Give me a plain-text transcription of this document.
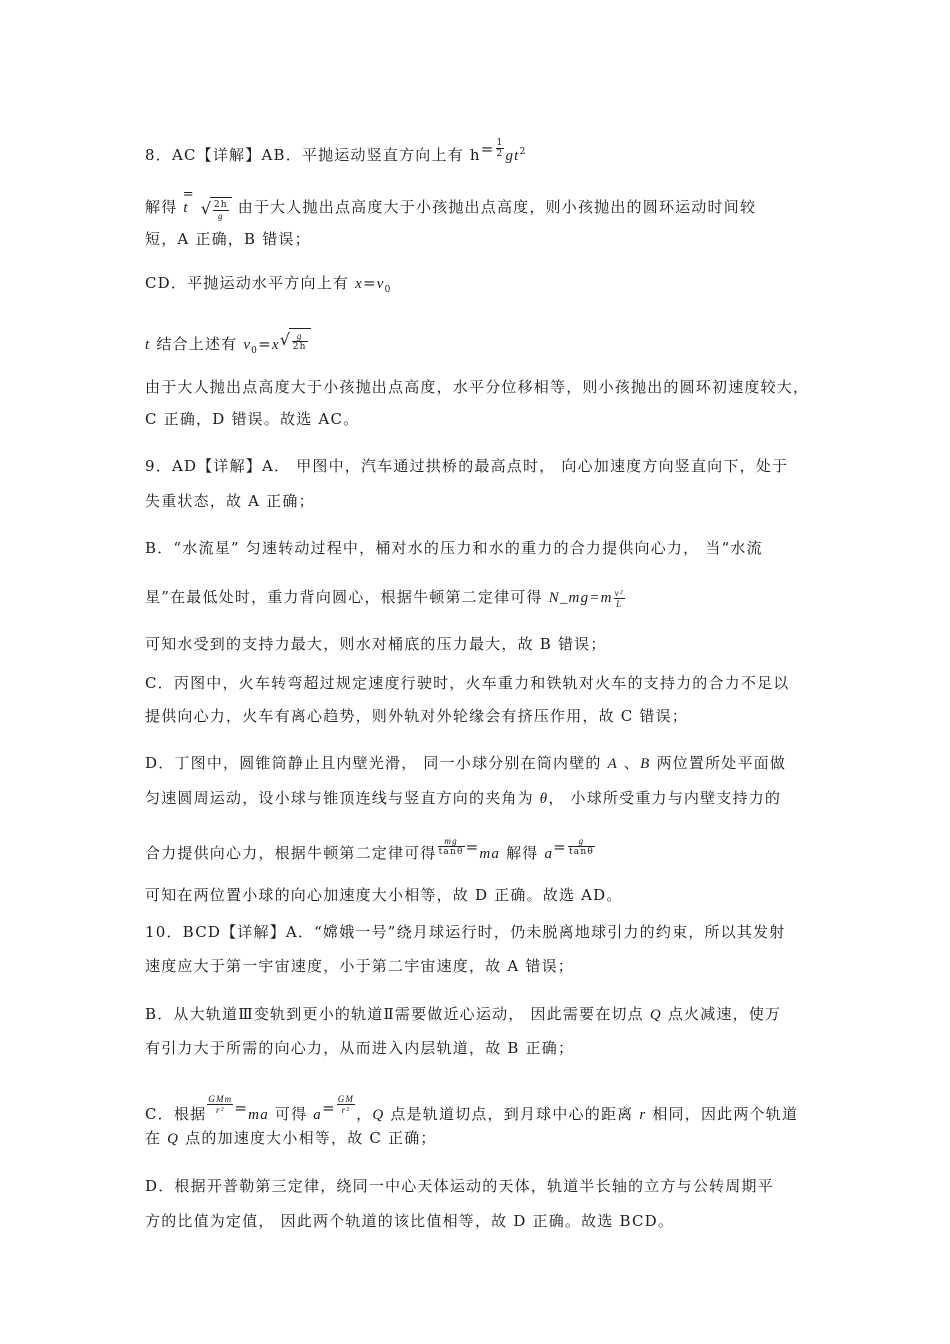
8．AC【详解】AB．平抛运动竖直方向上有 $h= \frac{1}{2} gt^2$
解得 t=
√ $\frac{2h}{g}$ 由于大人抛出点高度大于小孩抛出点高度，则小孩抛出的圆环运动时间较
短，A 正确，B 错误；
CD．平抛运动水平方向上有 $x=v_0$
t 结合上述有 $v_0=x$ √ $\frac{g}{2h}$
由于大人抛出点高度大于小孩抛出点高度，水平分位移相等，则小孩抛出的圆环初速度较大，
C 正确，D 错误。故选 AC。
9．AD【详解】A． 甲图中，汽车通过拱桥的最高点时， 向心加速度方向竖直向下，处于
失重状态，故 A 正确；
B．“水流星” 匀速转动过程中，桶对水的压力和水的重力的合力提供向心力， 当“水流
星”在最低处时，重力背向圆心，根据牛顿第二定律可得 N_mg=m $\frac{\text{v²}}{L}$
可知水受到的支持力最大，则水对桶底的压力最大，故 B 错误；
C．丙图中，火车转弯超过规定速度行驶时，火车重力和铁轨对火车的支持力的合力不足以
提供向心力，火车有离心趋势，则外轨对外轮缘会有挤压作用，故 C 错误；
D．丁图中，圆锥筒静止且内壁光滑， 同一小球分别在筒内壁的 A 、B 两位置所处平面做
匀速圆周运动，设小球与锥顶连线与竖直方向的夹角为 θ， 小球所受重力与内壁支持力的
合力提供向心力，根据牛顿第二定律可得 $\frac{mg}{\tan\theta} =ma$ 解得 $a= \frac{g}{\tan\theta}$
可知在两位置小球的向心加速度大小相等，故 D 正确。故选 AD。
10．BCD【详解】A．“嫦娥一号”绕月球运行时，仍未脱离地球引力的约束，所以其发射
速度应大于第一宇宙速度，小于第二宇宙速度，故 A 错误；
B．从大轨道Ⅲ变轨到更小的轨道Ⅱ需要做近心运动， 因此需要在切点 Q 点火减速，使万
有引力大于所需的向心力，从而进入内层轨道，故 B 正确；
C．根据 $\frac{\text{GMm}}{\text{r²}} =ma$ 可得 $a= \frac{GM}{\text{r²}}$ ，Q 点是轨道切点，到月球中心的距离 r 相同，因此两个轨道
在 Q 点的加速度大小相等，故 C 正确；
D．根据开普勒第三定律，绕同一中心天体运动的天体，轨道半长轴的立方与公转周期平
方的比值为定值， 因此两个轨道的该比值相等，故 D 正确。故选 BCD。
